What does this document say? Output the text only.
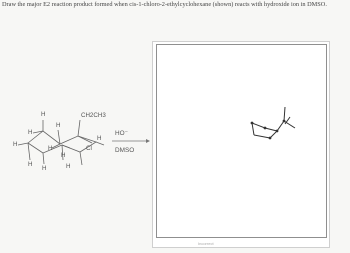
Draw the major E2 reaction product formed when cis-1-chloro-2-ethylcyclohexane (shown) reacts with hydroxide ion in DMSO.
H
H
H
H
H
H
H
H
H
CH2CH3
H
Cl
HO⁻
DMSO
Incorrect
